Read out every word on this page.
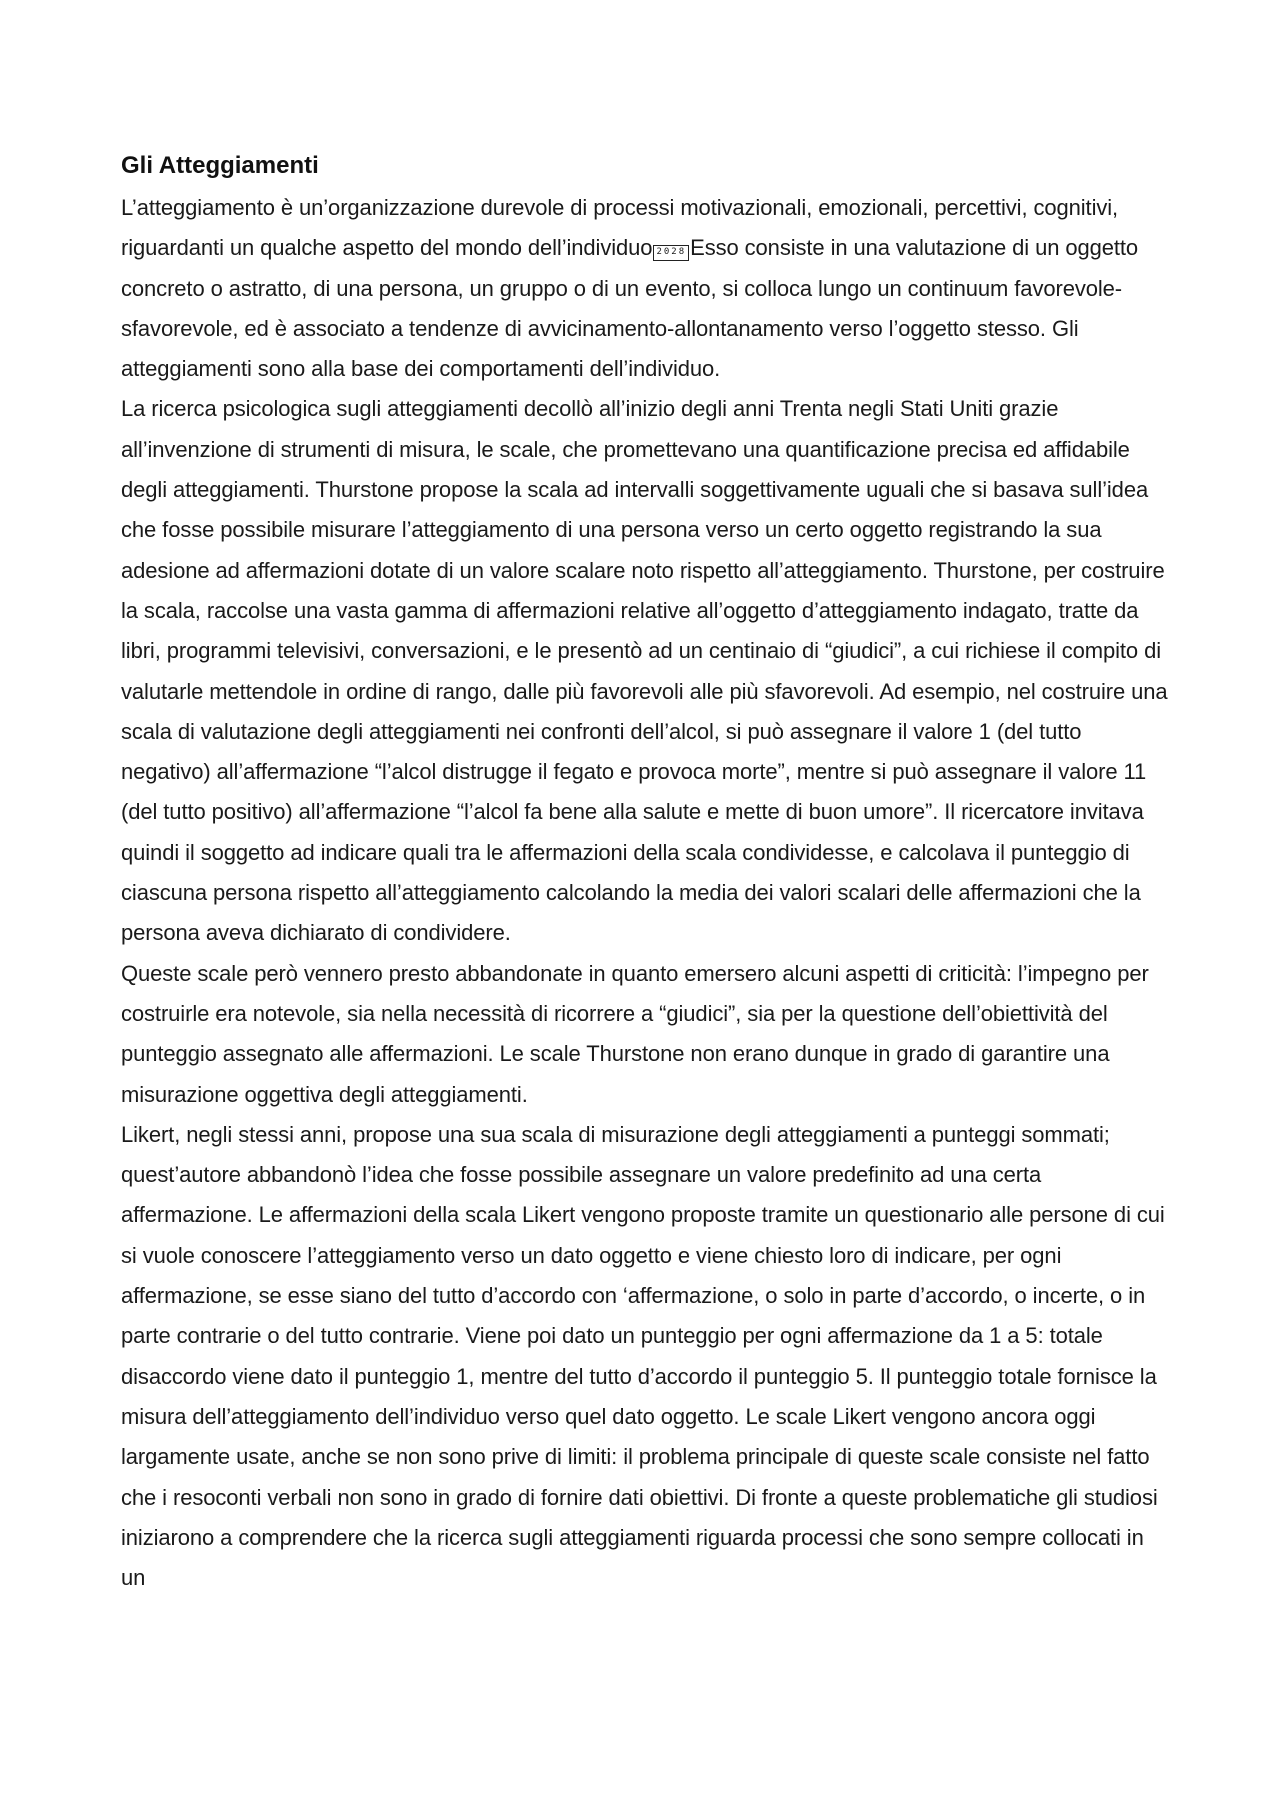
Gli Atteggiamenti

L’atteggiamento è un’organizzazione durevole di processi motivazionali, emozionali, percettivi, cognitivi, riguardanti un qualche aspetto del mondo dell’individuo 2028 Esso consiste in una valutazione di un oggetto concreto o astratto, di una persona, un gruppo o di un evento, si colloca lungo un continuum favorevole-sfavorevole, ed è associato a tendenze di avvicinamento-allontanamento verso l’oggetto stesso. Gli atteggiamenti sono alla base dei comportamenti dell’individuo.

La ricerca psicologica sugli atteggiamenti decollò all’inizio degli anni Trenta negli Stati Uniti grazie all’invenzione di strumenti di misura, le scale, che promettevano una quantificazione precisa ed affidabile degli atteggiamenti. Thurstone propose la scala ad intervalli soggettivamente uguali che si basava sull’idea che fosse possibile misurare l’atteggiamento di una persona verso un certo oggetto registrando la sua adesione ad affermazioni dotate di un valore scalare noto rispetto all’atteggiamento. Thurstone, per costruire la scala, raccolse una vasta gamma di affermazioni relative all’oggetto d’atteggiamento indagato, tratte da libri, programmi televisivi, conversazioni, e le presentò ad un centinaio di “giudici”, a cui richiese il compito di valutarle mettendole in ordine di rango, dalle più favorevoli alle più sfavorevoli. Ad esempio, nel costruire una scala di valutazione degli atteggiamenti nei confronti dell’alcol, si può assegnare il valore 1 (del tutto negativo) all’affermazione “l’alcol distrugge il fegato e provoca morte”, mentre si può assegnare il valore 11 (del tutto positivo) all’affermazione “l’alcol fa bene alla salute e mette di buon umore”. Il ricercatore invitava quindi il soggetto ad indicare quali tra le affermazioni della scala condividesse, e calcolava il punteggio di ciascuna persona rispetto all’atteggiamento calcolando la media dei valori scalari delle affermazioni che la persona aveva dichiarato di condividere.

Queste scale però vennero presto abbandonate in quanto emersero alcuni aspetti di criticità: l’impegno per costruirle era notevole, sia nella necessità di ricorrere a “giudici”, sia per la questione dell’obiettività del punteggio assegnato alle affermazioni. Le scale Thurstone non erano dunque in grado di garantire una misurazione oggettiva degli atteggiamenti.

Likert, negli stessi anni, propose una sua scala di misurazione degli atteggiamenti a punteggi sommati; quest’autore abbandonò l’idea che fosse possibile assegnare un valore predefinito ad una certa affermazione. Le affermazioni della scala Likert vengono proposte tramite un questionario alle persone di cui si vuole conoscere l’atteggiamento verso un dato oggetto e viene chiesto loro di indicare, per ogni affermazione, se esse siano del tutto d’accordo con ‘affermazione, o solo in parte d’accordo, o incerte, o in parte contrarie o del tutto contrarie. Viene poi dato un punteggio per ogni affermazione da 1 a 5: totale disaccordo viene dato il punteggio 1, mentre del tutto d’accordo il punteggio 5. Il punteggio totale fornisce la misura dell’atteggiamento dell’individuo verso quel dato oggetto. Le scale Likert vengono ancora oggi largamente usate, anche se non sono prive di limiti: il problema principale di queste scale consiste nel fatto che i resoconti verbali non sono in grado di fornire dati obiettivi. Di fronte a queste problematiche gli studiosi iniziarono a comprendere che la ricerca sugli atteggiamenti riguarda processi che sono sempre collocati in un
